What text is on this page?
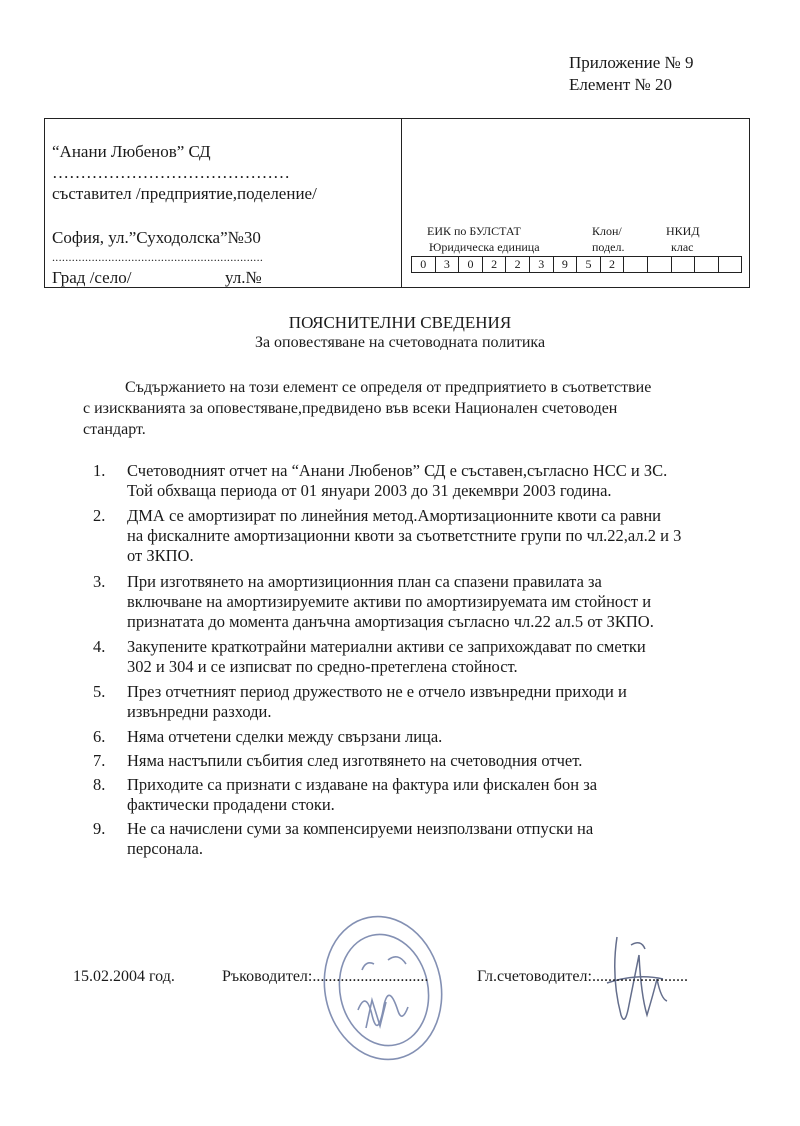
Приложение № 9
Елемент № 20
“Анани Любенов” СД
……………………………………
съставител /предприятие,поделение/
София, ул.”Суходолска”№30
................................................................
Град /село/	ул.№
ЕИК по БУЛСТАТ
Юридическа единица
Клон/
подел.
НКИД
клас
0	3	0	2	2	3	9	5	2
ПОЯСНИТЕЛНИ СВЕДЕНИЯ
За оповестяване на счетоводната политика
Съдържанието на този елемент се определя от предприятието в съответствие
с изискванията за оповестяване,предвидено във всеки Национален счетоводен
стандарт.
1. Счетоводният отчет на “Анани Любенов” СД е съставен,съгласно НСС и ЗС.
Той обхваща периода от 01 януари 2003 до 31 декември 2003 година.
2. ДМА се амортизират по линейния метод.Амортизационните квоти са равни
на фискалните амортизационни квоти за съответстните групи по чл.22,ал.2 и 3
от ЗКПО.
3. При изготвянето на амортизиционния план са спазени правилата за
включване на амортизируемите активи по амортизируемата им стойност и
признатата до момента данъчна амортизация съгласно чл.22 ал.5 от ЗКПО.
4. Закупените краткотрайни материални активи се заприхождават по сметки
302 и 304 и се изписват по средно-претеглена стойност.
5. През отчетният период дружеството не е отчело извънредни приходи и
извънредни разходи.
6. Няма отчетени сделки между свързани лица.
7. Няма настъпили събития след изготвянето на счетоводния отчет.
8. Приходите са признати с издаване на фактура или фискален бон за
фактически продадени стоки.
9. Не са начислени суми за компенсируеми неизползвани отпуски на
персонала.
15.02.2004 год.	Ръководител:.............................	Гл.счетоводител:........................
